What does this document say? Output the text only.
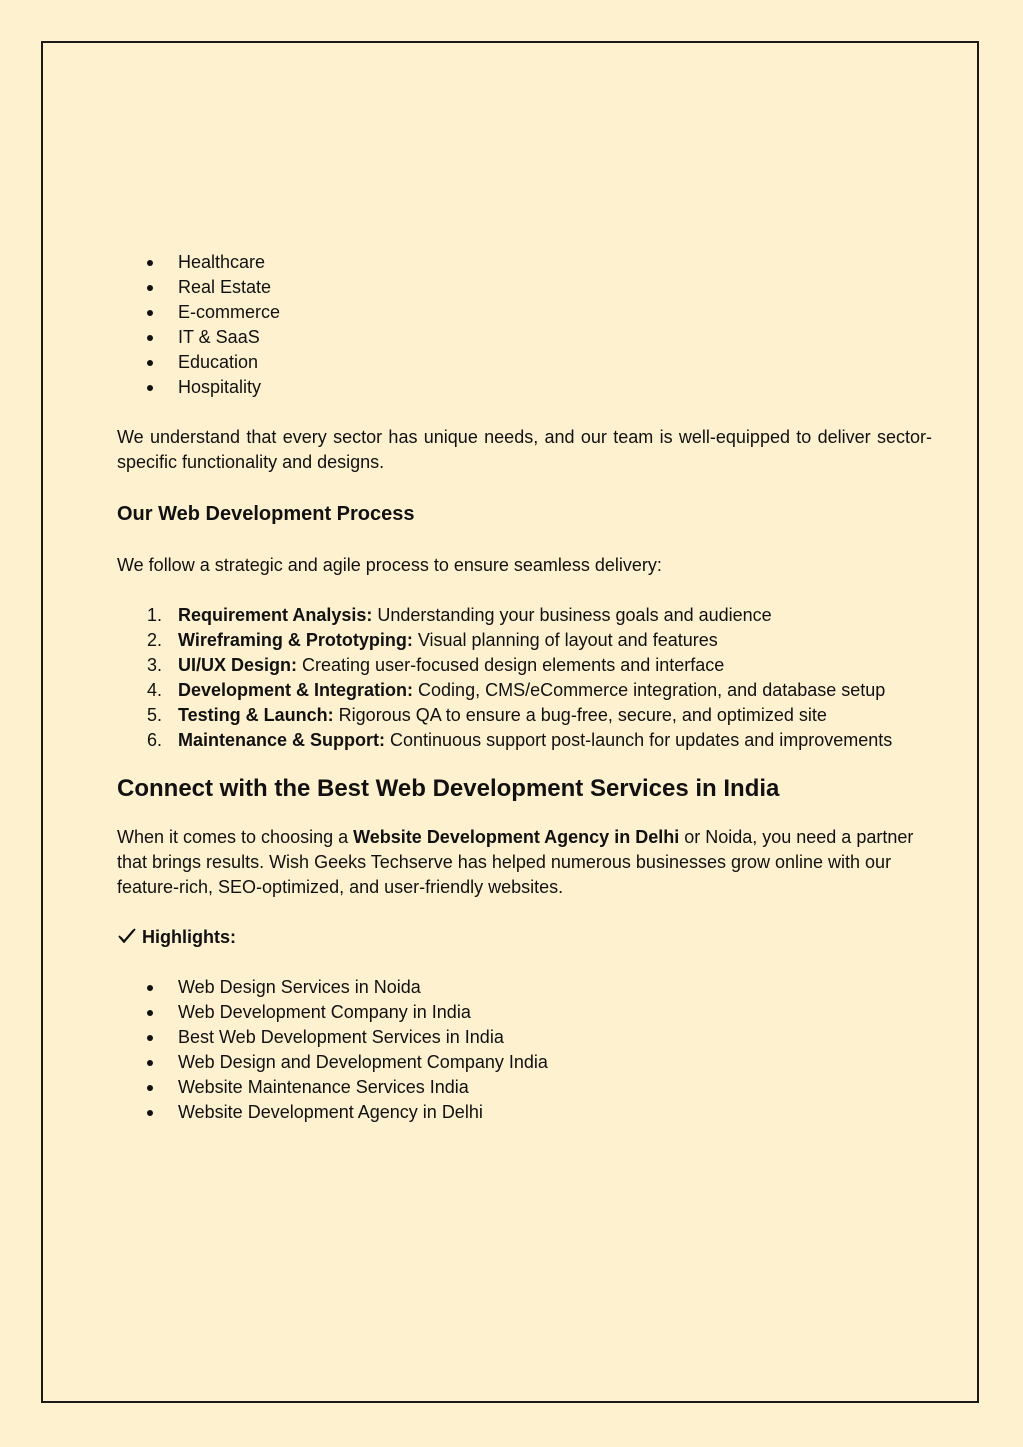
Healthcare
Real Estate
E-commerce
IT & SaaS
Education
Hospitality

We understand that every sector has unique needs, and our team is well-equipped to deliver sector-specific functionality and designs.

Our Web Development Process

We follow a strategic and agile process to ensure seamless delivery:

1. Requirement Analysis: Understanding your business goals and audience
2. Wireframing & Prototyping: Visual planning of layout and features
3. UI/UX Design: Creating user-focused design elements and interface
4. Development & Integration: Coding, CMS/eCommerce integration, and database setup
5. Testing & Launch: Rigorous QA to ensure a bug-free, secure, and optimized site
6. Maintenance & Support: Continuous support post-launch for updates and improvements
Connect with the Best Web Development Services in India

When it comes to choosing a Website Development Agency in Delhi or Noida, you need a partner that brings results. Wish Geeks Techserve has helped numerous businesses grow online with our feature-rich, SEO-optimized, and user-friendly websites.

Highlights:

Web Design Services in Noida
Web Development Company in India
Best Web Development Services in India
Web Design and Development Company India
Website Maintenance Services India
Website Development Agency in Delhi
